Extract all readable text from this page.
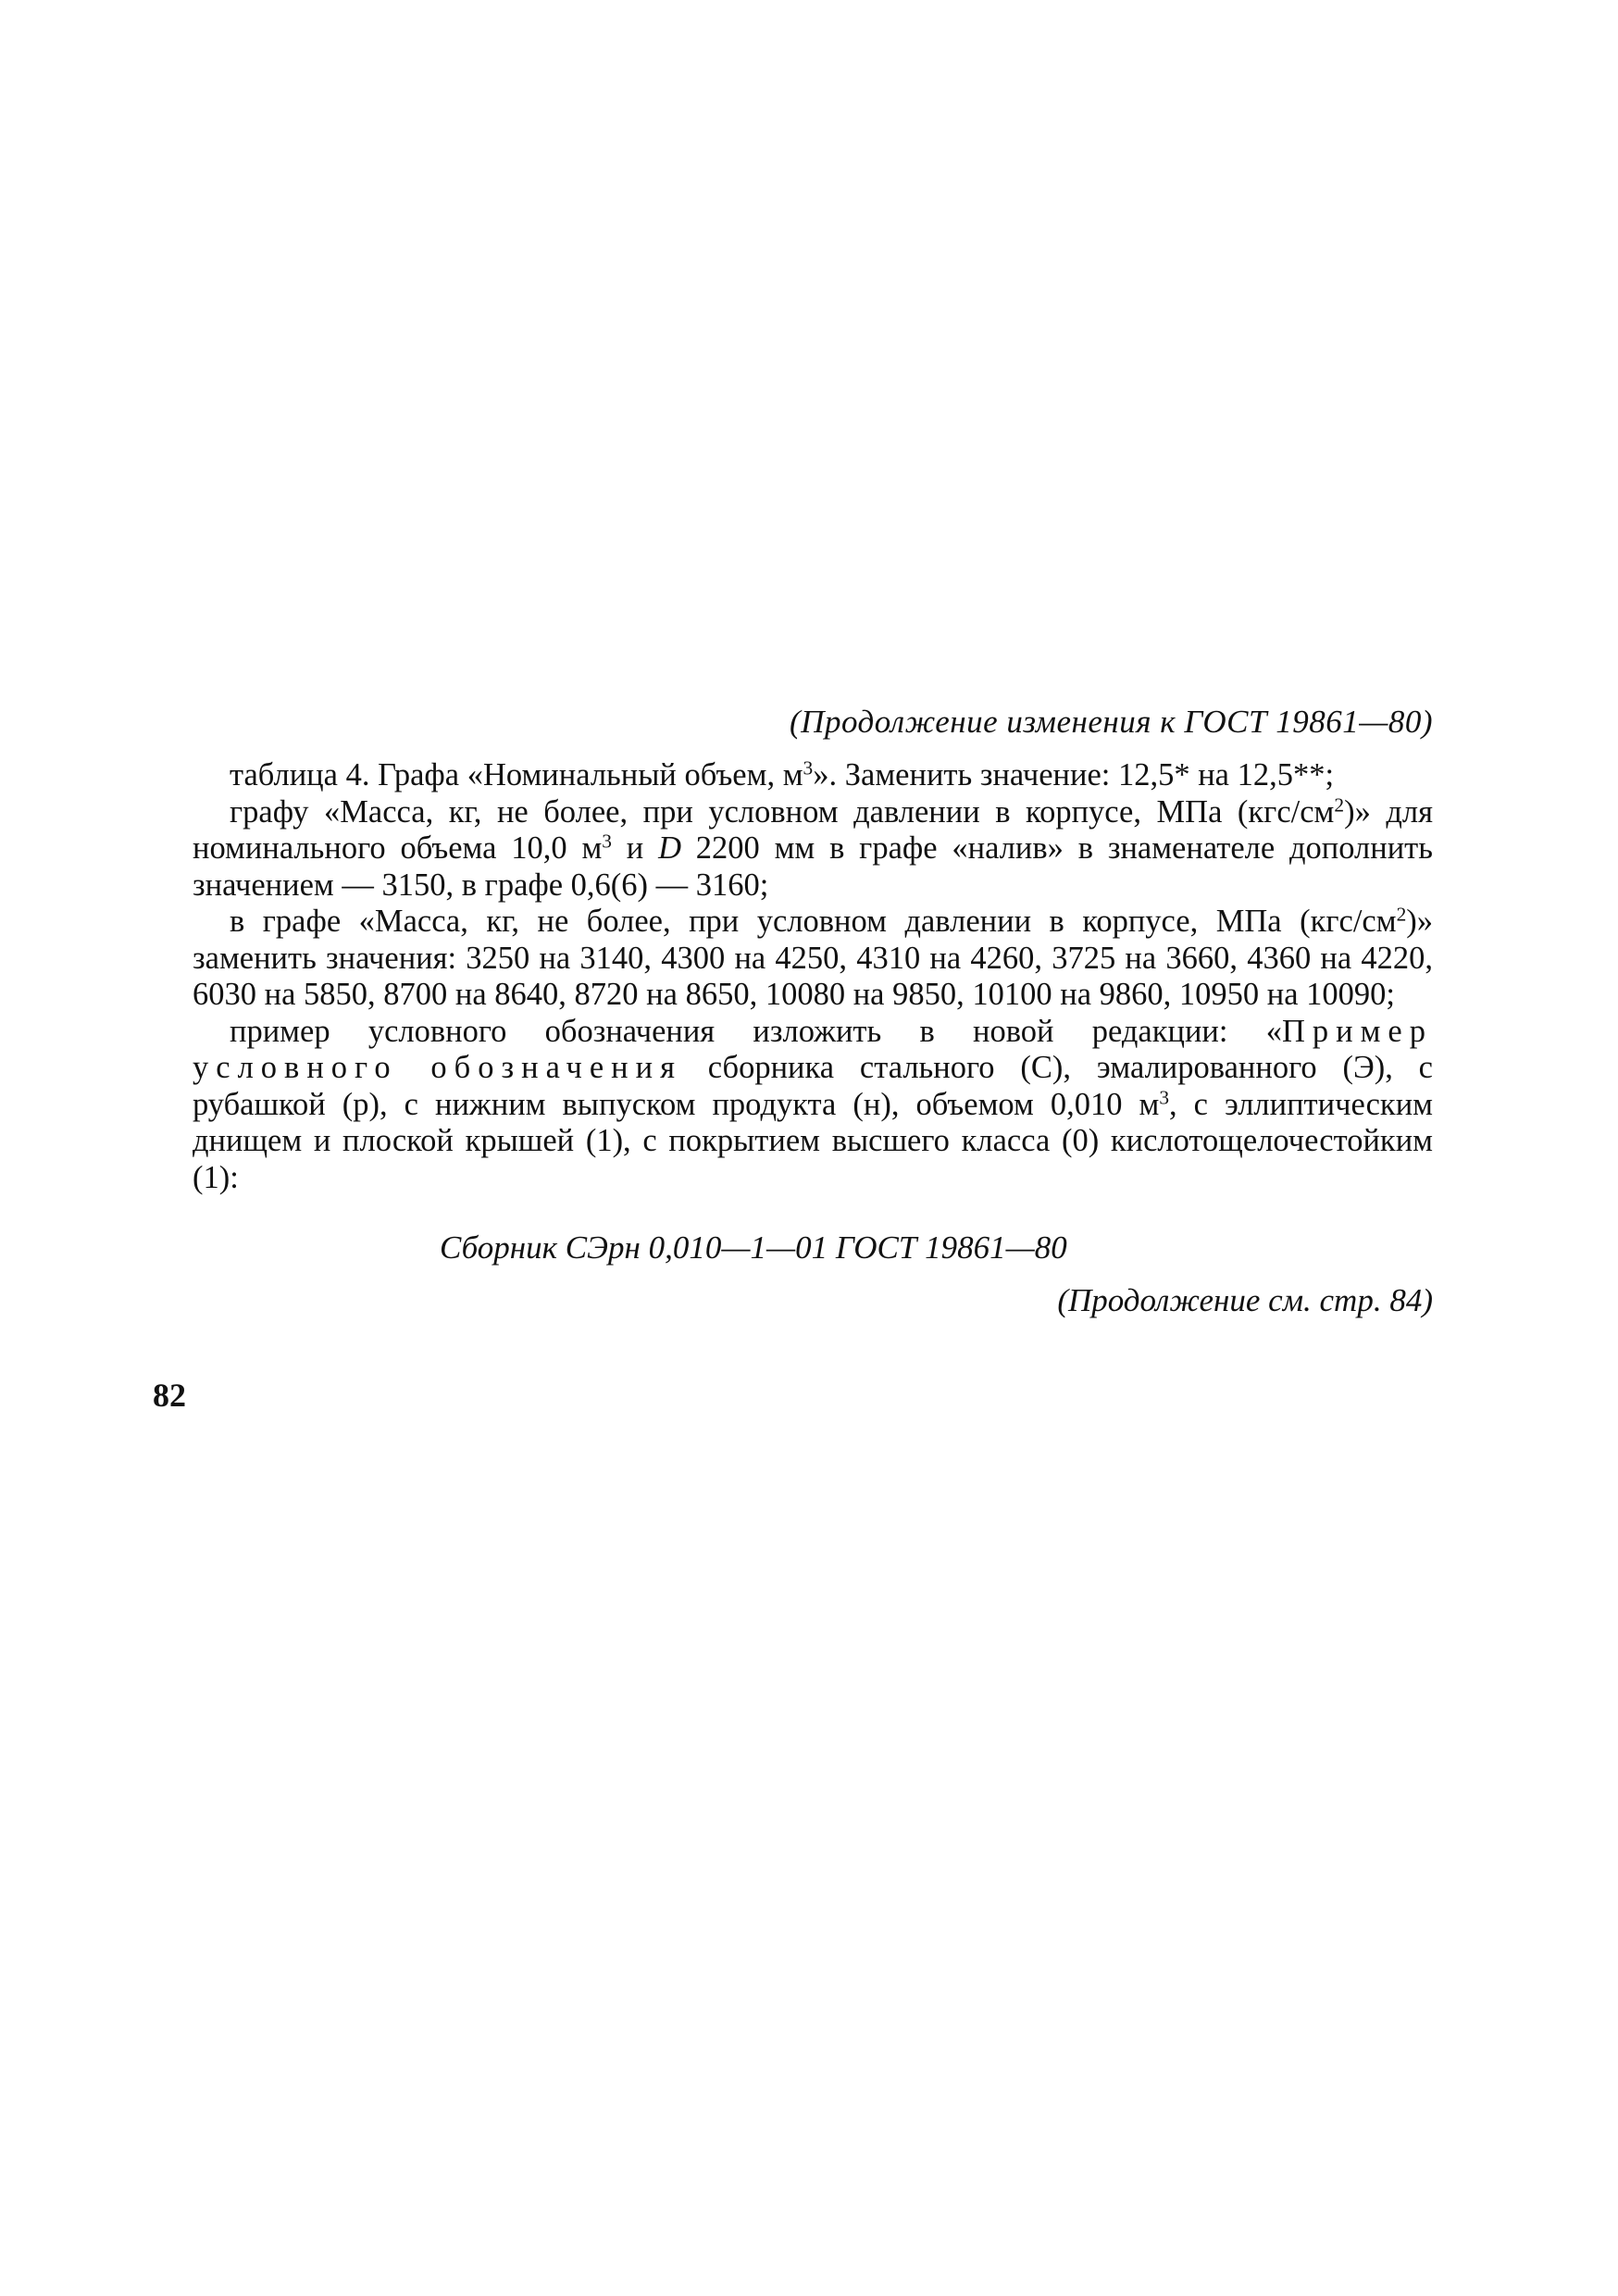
(Продолжение изменения к ГОСТ 19861—80)

таблица 4. Графа «Номинальный объем, $м^3$». Заменить значение: 12,5* на 12,5**;

графу «Масса, кг, не более, при условном давлении в корпусе, МПа $(кгс/см^2)$» для номинального объема 10,0 $м^3$ и D 2200 мм в графе «налив» в знаменателе дополнить значением — 3150, в графе 0,6(6) — 3160;

в графе «Масса, кг, не более, при условном давлении в корпусе, МПа $(кгс/см^2)$» заменить значения: 3250 на 3140, 4300 на 4250, 4310 на 4260, 3725 на 3660, 4360 на 4220, 6030 на 5850, 8700 на 8640, 8720 на 8650, 10080 на 9850, 10100 на 9860, 10950 на 10090;

пример условного обозначения изложить в новой редакции: «Пример условного обозначения сборника стального (С), эмалированного (Э), с рубашкой (р), с нижним выпуском продукта (н), объемом 0,010 $м^3$, с эллиптическим днищем и плоской крышей (1), с покрытием высшего класса (0) кислотощелочестойким (1):

Сборник СЭрн 0,010—1—01 ГОСТ 19861—80
(Продолжение см. стр. 84)
82
